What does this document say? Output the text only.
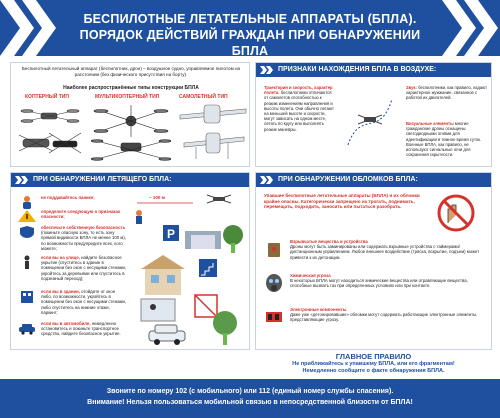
БЕСПИЛОТНЫЕ ЛЕТАТЕЛЬНЫЕ АППАРАТЫ (БПЛА).
ПОРЯДОК ДЕЙСТВИЙ ГРАЖДАН ПРИ ОБНАРУЖЕНИИ БПЛА
Беспилотный летательный аппарат (беспилотник, дрон) – воздушное судно, управляемое пилотом на расстоянии (без физического присутствия на борту).
Наиболее распространённые типы конструкции БПЛА
КОПТЕРНЫЙ ТИП	МУЛЬТИКОПТЕРНЫЙ ТИП	САМОЛЕТНЫЙ ТИП
ПРИЗНАКИ НАХОЖДЕНИЯ БПЛА В ВОЗДУХЕ:
Траектория и скорость, характер полета: беспилотники отличаются от самолетов способностью к резким изменениям направления и высоты полета. Они обычно летают на меньшей высоте и скорости, могут зависать на одном месте, летать по кругу или выполнять резкие маневры.
Звук: беспилотники, как правило, издают характерное жужжание, связанное с работой их двигателей.
Визуальные элементы многие гражданские дроны оснащены светодиодными огнями для идентификации в темное время суток. Военные БПЛА, как правило, не используют сигнальные огни для сохранения скрытности.
ПРИ ОБНАРУЖЕНИИ ЛЕТЯЩЕГО БПЛА:
не поддавайтесь панике;
определите следующую о признаках опасности;
обеспечьте собственную безопасность (покиньте опасную зону, то есть зону прямой видимости БПЛА не менее 100 м), по возможности предупредите всех, кого можете;
если вы на улице, найдите безопасное укрытие (спуститесь в здание в помещении без окон с несущими стенами, укройтесь за деревьями или спуститесь в подземный переход);
если вы в здании, отойдите от окон либо, по возможности, укройтесь в помещении без окон с несущими стенами, либо спуститесь на нижние этажи, паркинг;
если вы в автомобиле, немедленно остановитесь и покиньте транспортное средство, найдите безопасное укрытие.
~ 100 м
P
ПРИ ОБНАРУЖЕНИИ ОБЛОМКОВ БПЛА:
Упавшие беспилотные летательные аппараты (БПЛА) и их обломки крайне опасны. Категорически запрещено их трогать, поднимать, перемещать, подходить, заносить или пытаться разобрать.
Взрывчатые вещества и устройства
Дроны могут быть заминированы или содержать взрывные устройства с таймерами/дистанционным управлением. Любое внешнее воздействие (тряска, вскрытие, подъем) может привести к их детонации.
Химическая угроза
В некоторых БПЛА могут находиться химические вещества или отравляющие вещества, способные вызвать газ при определенных условиях или при контакте.
Электронные компоненты
Даже уже «детонировавшие» обломки могут содержать работающие электронные элементы, представляющие угрозу.
ГЛАВНОЕ ПРАВИЛО
Не приближайтесь к упавшему БПЛА, или его фрагментам!
Немедленно сообщите о факте обнаружения БПЛА.
Звоните по номеру 102 (с мобильного) или 112 (единый номер службы спасения).
Внимание! Нельзя пользоваться мобильной связью в непосредственной близости от БПЛА!
